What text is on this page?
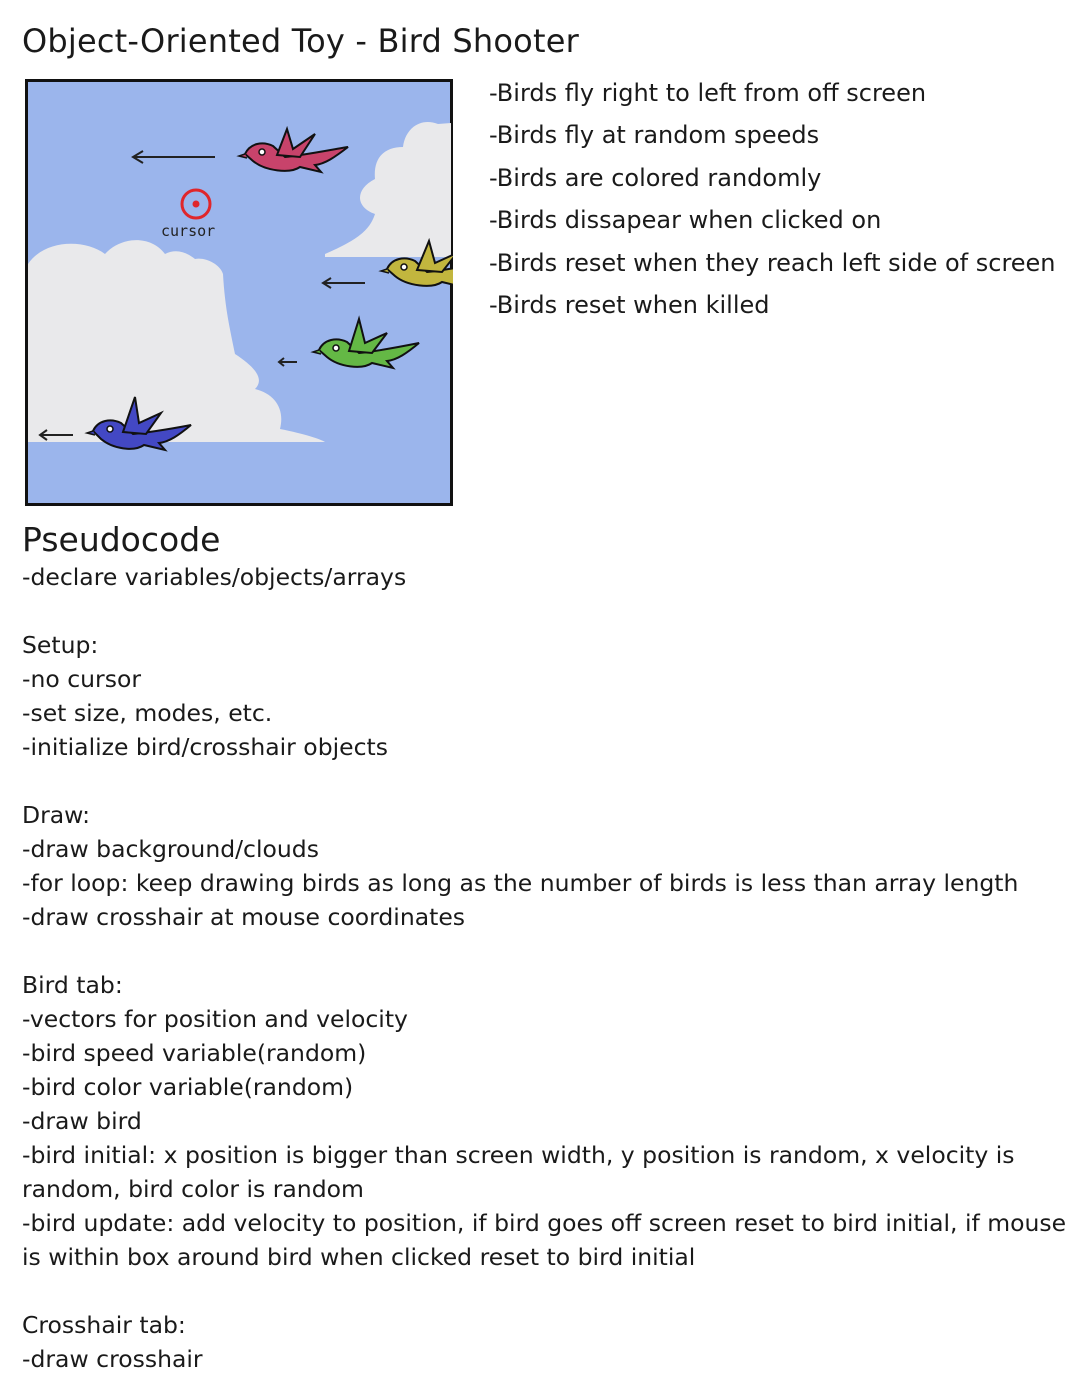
Object-Oriented Toy - Bird Shooter
cursor
-Birds fly right to left from off screen
-Birds fly at random speeds
-Birds are colored randomly
-Birds dissapear when clicked on
-Birds reset when they reach left side of screen
-Birds reset when killed
Pseudocode
-declare variables/objects/arrays
Setup:
-no cursor
-set size, modes, etc.
-initialize bird/crosshair objects
Draw:
-draw background/clouds
-for loop: keep drawing birds as long as the number of birds is less than array length
-draw crosshair at mouse coordinates
Bird tab:
-vectors for position and velocity
-bird speed variable(random)
-bird color variable(random)
-draw bird
-bird initial: x position is bigger than screen width, y position is random, x velocity is random, bird color is random
-bird update: add velocity to position, if bird goes off screen reset to bird initial, if mouse is within box around bird when clicked reset to bird initial
Crosshair tab:
-draw crosshair
